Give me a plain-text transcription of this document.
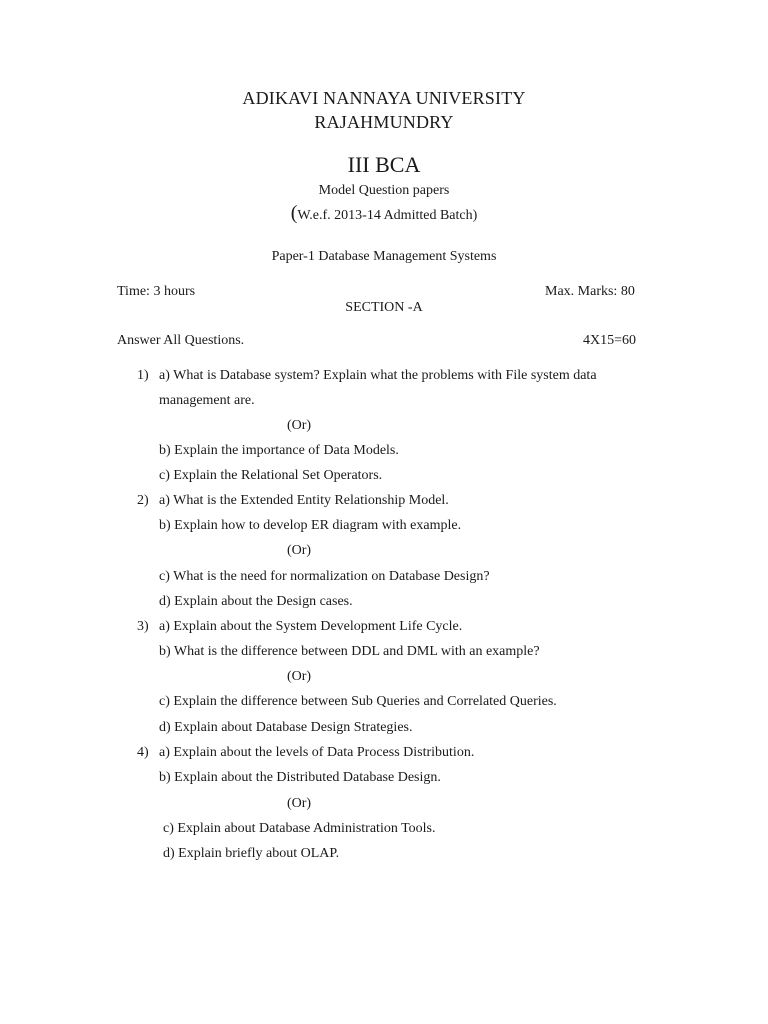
ADIKAVI NANNAYA UNIVERSITY
RAJAHMUNDRY
III BCA
Model Question papers
(W.e.f. 2013-14 Admitted Batch)
Paper-1 Database Management Systems
Time: 3 hours	Max. Marks: 80
SECTION -A
Answer All Questions.	4X15=60
1) a) What is Database system? Explain what the problems with File system data
management are.
(Or)
b) Explain the importance of Data Models.
c) Explain the Relational Set Operators.
2) a) What is the Extended Entity Relationship Model.
b) Explain how to develop ER diagram with example.
(Or)
c) What is the need for normalization on Database Design?
d) Explain about the Design cases.
3) a) Explain about the System Development Life Cycle.
b) What is the difference between DDL and DML with an example?
(Or)
c) Explain the difference between Sub Queries and Correlated Queries.
d) Explain about Database Design Strategies.
4) a) Explain about the levels of Data Process Distribution.
b) Explain about the Distributed Database Design.
(Or)
c) Explain about Database Administration Tools.
d) Explain briefly about OLAP.
